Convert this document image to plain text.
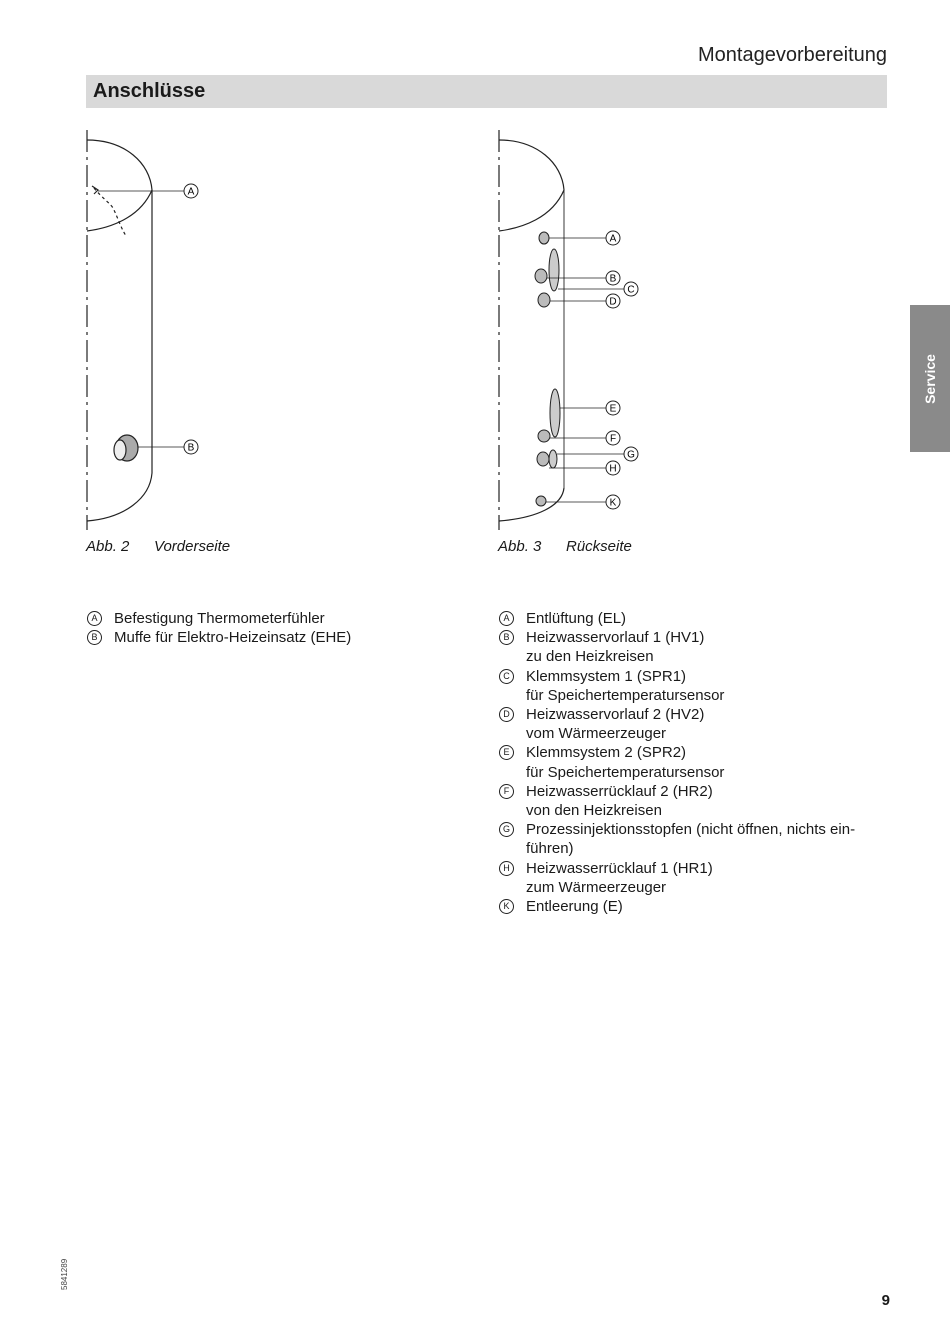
Montagevorbereitung
Anschlüsse
Service
A
B
Abb. 2 Vorderseite
A
B
C
D
E
F
G
H
K
Abb. 3 Rückseite
A	Befestigung Thermometerfühler
B	Muffe für Elektro-Heizeinsatz (EHE)
A	Entlüftung (EL)
B	Heizwasservorlauf 1 (HV1)
zu den Heizkreisen
C Klemmsystem 1 (SPR1)
für Speichertemperatursensor
D Heizwasservorlauf 2 (HV2)
vom Wärmeerzeuger
E	Klemmsystem 2 (SPR2)
für Speichertemperatursensor
F	Heizwasserrücklauf 2 (HR2)
von den Heizkreisen
G Prozessinjektionsstopfen (nicht öffnen, nichts ein-
führen)
H Heizwasserrücklauf 1 (HR1)
zum Wärmeerzeuger
K	Entleerung (E)
5841289
9
